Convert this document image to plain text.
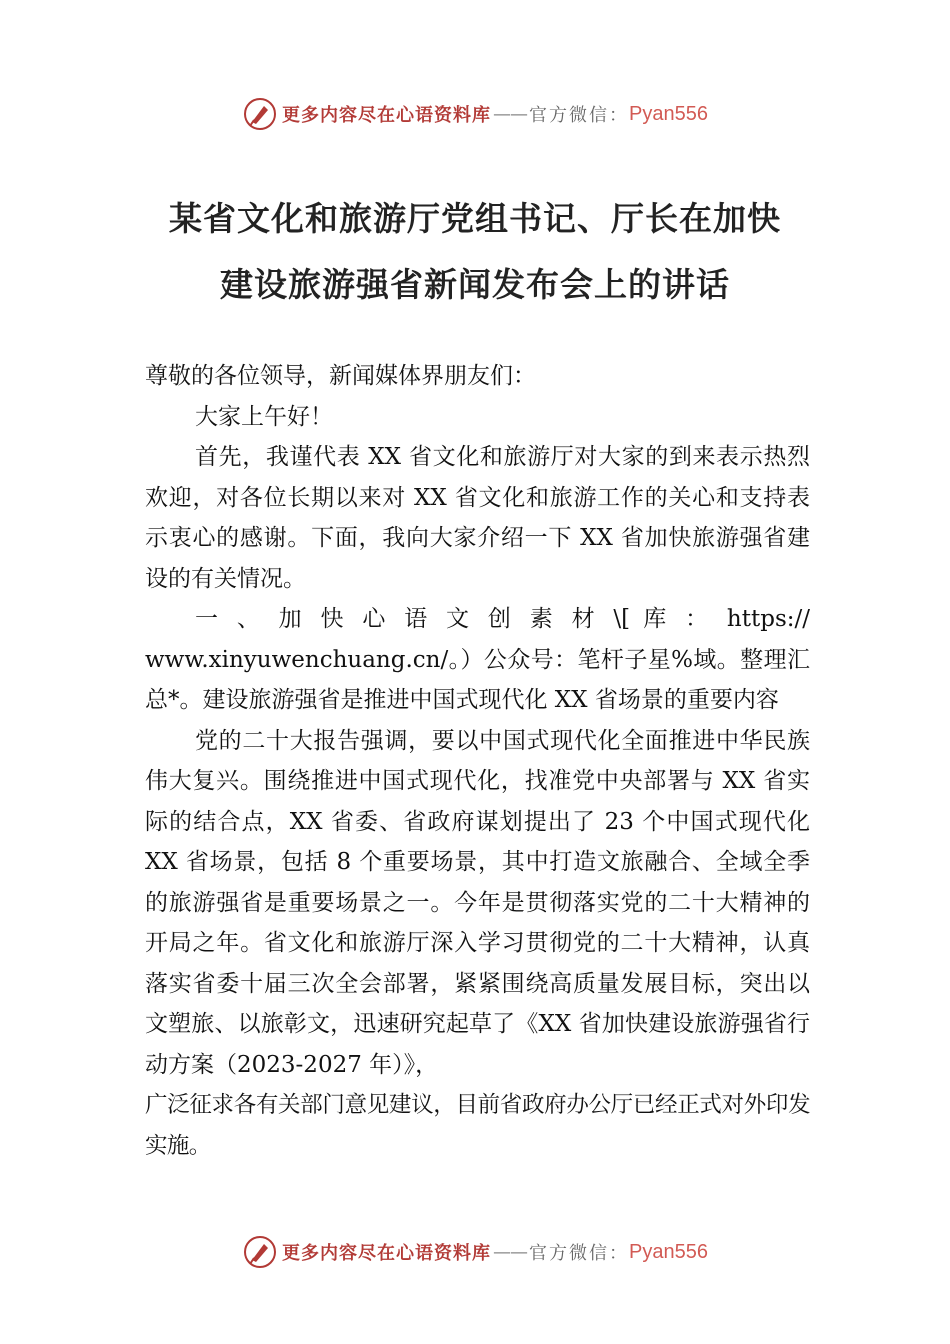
更多内容尽在心语资料库 —— 官方微信： Pyan556
某省文化和旅游厅党组书记、厅长在加快
建设旅游强省新闻发布会上的讲话

尊敬的各位领导，新闻媒体界朋友们：

大家上午好！

首先，我谨代表 XX 省文化和旅游厅对大家的到来表示热烈欢迎，对各位长期以来对 XX 省文化和旅游工作的关心和支持表示衷心的感谢。下面，我向大家介绍一下 XX 省加快旅游强省建设的有关情况。

一 、 加 快 心 语 文 创 素 材 \[ 库 ： https:// www.xinyuwenchuang.cn/。）公众号：笔杆子星%域。整理汇总*。建设旅游强省是推进中国式现代化 XX 省场景的重要内容

党的二十大报告强调，要以中国式现代化全面推进中华民族伟大复兴。围绕推进中国式现代化，找准党中央部署与 XX 省实际的结合点，XX 省委、省政府谋划提出了 23 个中国式现代化 XX 省场景，包括 8 个重要场景，其中打造文旅融合、全域全季的旅游强省是重要场景之一。今年是贯彻落实党的二十大精神的开局之年。省文化和旅游厅深入学习贯彻党的二十大精神，认真落实省委十届三次全会部署，紧紧围绕高质量发展目标，突出以文塑旅、以旅彰文，迅速研究起草了《XX 省加快建设旅游强省行动方案（2023-2027 年）》，

广泛征求各有关部门意见建议，目前省政府办公厅已经正式对外印发实施。

更多内容尽在心语资料库 —— 官方微信： Pyan556
